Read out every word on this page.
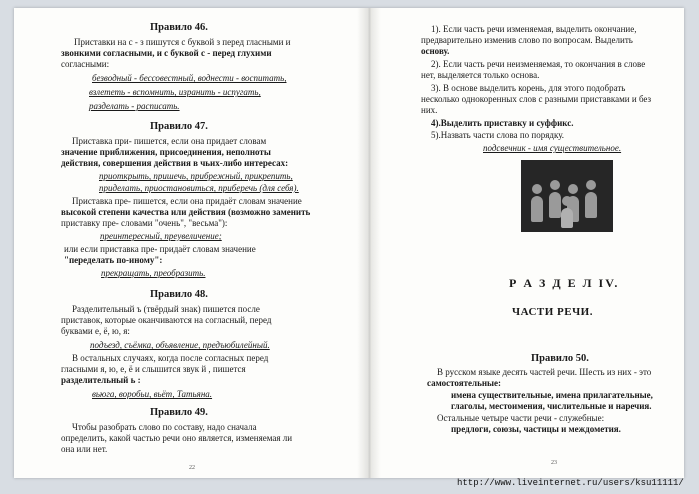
Правило 46.
Приставки на с - з пишутся с буквой з перед гласными и
звонкими согласными, и с буквой с - перед глухими
согласными:
безводный - бессовестный, воднести - воспитать,
взлететь - вспомнить, изранить - испугать,
разделать - расписать.
Правило 47.
Приставка при- пишется, если она придает словам
значение приближения, присоединения, неполноты
действия, совершения действия в чьих-либо интересах:
приоткрыть, пришечь, прибрежный, прикрепить,
приделать, приостановиться, приберечь (для себя).
Приставка пре- пишется, если она придаёт словам значение
высокой степени качества или действия (возможно заменить
приставку пре- словами "очень", "весьма"):
преинтересный, преувеличение;
или если приставка пре- придаёт словам значение
"переделать по-иному":
прекращать, преобразить.
Правило 48.
Разделительный ъ (твёрдый знак) пишется после
приставок, которые оканчиваются на согласный, перед
буквами е, ё, ю, я:
подъезд, съёмка, объявление, предъюбилейный.
В остальных случаях, когда после согласных перед
гласными я, ю, е, ё и слышится звук й , пишется
разделительный ь :
вьюга, воробьи, вьёт, Татьяна.
Правило 49.
Чтобы разобрать слово по составу, надо сначала
определить, какой частью речи оно является, изменяемая ли
она или нет.
22
1). Если часть речи изменяемая, выделить окончание,
предварительно изменив слово по вопросам. Выделить
основу.
2). Если часть речи неизменяемая, то окончания в слове
нет, выделяется только основа.
3). В основе выделить корень, для этого подобрать
несколько однокоренных слов с разными приставками и без
них.
4).Выделить приставку и суффикс.
5).Назвать части слова по порядку.
подсвечник - имя существительное.
Р А З Д Е Л IV.
ЧАСТИ РЕЧИ.
Правило 50.
В русском языке десять частей речи. Шесть из них - это
самостоятельные:
имена существительные, имена прилагательные,
глаголы, местоимения, числительные и наречия.
Остальные четыре части речи - служебные:
предлоги, союзы, частицы и междометия.
23
http://www.liveinternet.ru/users/ksu11111/
